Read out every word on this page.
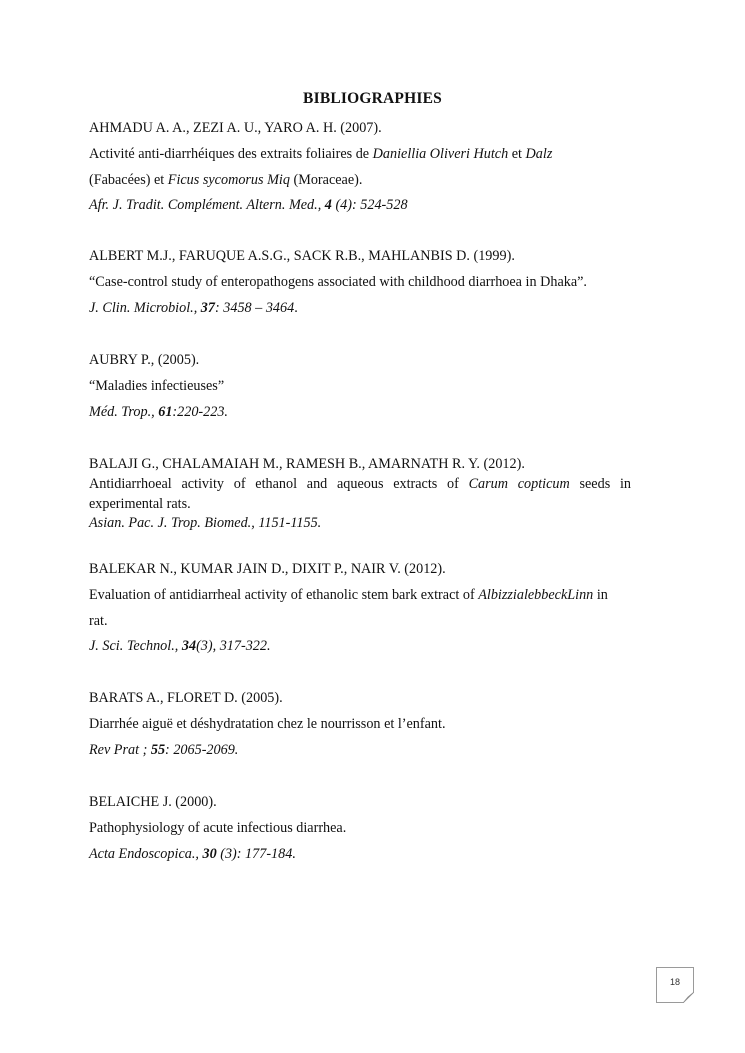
BIBLIOGRAPHIES
AHMADU A. A., ZEZI A. U., YARO A. H. (2007).
Activité anti-diarrhéiques des extraits foliaires de Daniellia Oliveri Hutch et Dalz
(Fabacées) et Ficus sycomorus Miq (Moraceae).
Afr. J. Tradit. Complément. Altern. Med., 4 (4): 524-528
ALBERT M.J., FARUQUE A.S.G., SACK R.B., MAHLANBIS D. (1999).
“Case-control study of enteropathogens associated with childhood diarrhoea in Dhaka”.
J. Clin. Microbiol., 37: 3458 – 3464.
AUBRY P., (2005).
“Maladies infectieuses”
Méd. Trop., 61:220-223.
BALAJI G., CHALAMAIAH M., RAMESH B., AMARNATH R. Y. (2012).
Antidiarrhoeal activity of ethanol and aqueous extracts of Carum copticum seeds in
experimental rats.
Asian. Pac. J. Trop. Biomed., 1151-1155.
BALEKAR N., KUMAR JAIN D., DIXIT P., NAIR V. (2012).
Evaluation of antidiarrheal activity of ethanolic stem bark extract of AlbizzialebbeckLinn in
rat.
J. Sci. Technol., 34(3), 317-322.
BARATS A., FLORET D. (2005).
Diarrhée aiguë et déshydratation chez le nourrisson et l’enfant.
Rev Prat ; 55: 2065-2069.
BELAICHE J. (2000).
Pathophysiology of acute infectious diarrhea.
Acta Endoscopica., 30 (3): 177-184.
18
